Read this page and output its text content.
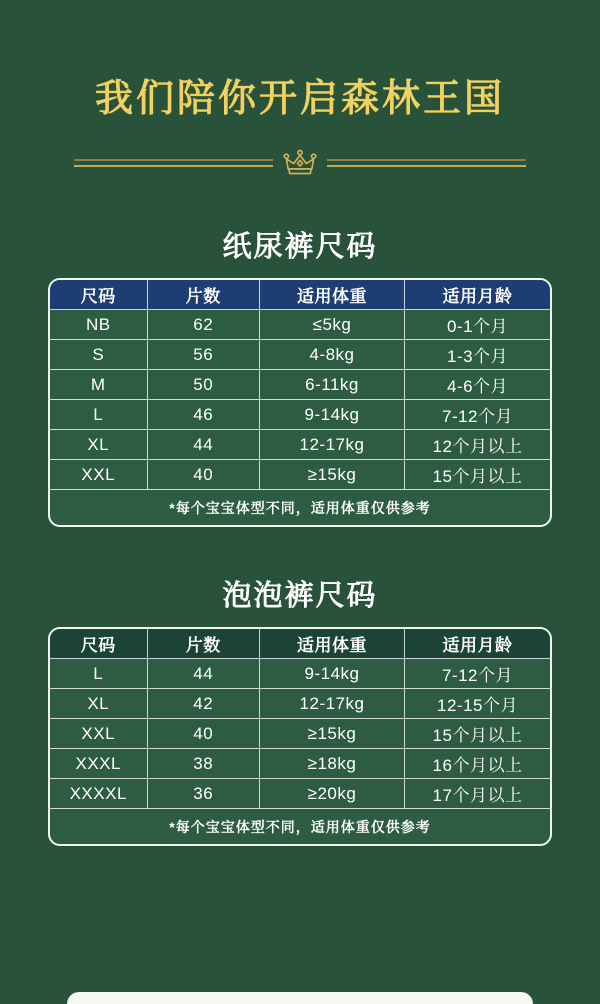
我们陪你开启森林王国
纸尿裤尺码
尺码	片数	适用体重	适用月龄
NB	62	≤5kg	0-1个月
S	56	4-8kg	1-3个月
M	50	6-11kg	4-6个月
L	46	9-14kg	7-12个月
XL	44	12-17kg	12个月以上
XXL	40	≥15kg	15个月以上
*每个宝宝体型不同，适用体重仅供参考
泡泡裤尺码
尺码	片数	适用体重	适用月龄
L	44	9-14kg	7-12个月
XL	42	12-17kg	12-15个月
XXL	40	≥15kg	15个月以上
XXXL	38	≥18kg	16个月以上
XXXXL	36	≥20kg	17个月以上
*每个宝宝体型不同，适用体重仅供参考
